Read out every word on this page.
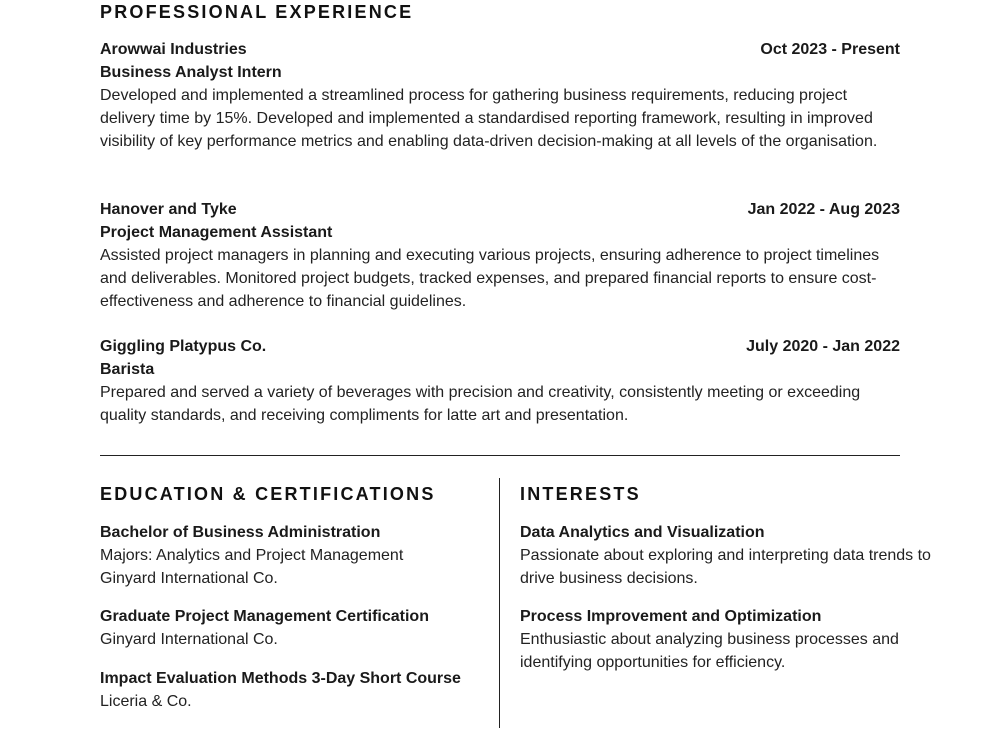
PROFESSIONAL EXPERIENCE
Arowwai Industries	Oct 2023 - Present
Business Analyst Intern

Developed and implemented a streamlined process for gathering business requirements, reducing project delivery time by 15%. Developed and implemented a standardised reporting framework, resulting in improved visibility of key performance metrics and enabling data-driven decision-making at all levels of the organisation.

Hanover and Tyke	Jan 2022 - Aug 2023
Project Management Assistant

Assisted project managers in planning and executing various projects, ensuring adherence to project timelines and deliverables. Monitored project budgets, tracked expenses, and prepared financial reports to ensure cost-effectiveness and adherence to financial guidelines.

Giggling Platypus Co.	July 2020 - Jan 2022
Barista

Prepared and served a variety of beverages with precision and creativity, consistently meeting or exceeding quality standards, and receiving compliments for latte art and presentation.

EDUCATION & CERTIFICATIONS
Bachelor of Business Administration
Majors: Analytics and Project Management
Ginyard International Co.
Graduate Project Management Certification
Ginyard International Co.
Impact Evaluation Methods 3-Day Short Course
Liceria & Co.
INTERESTS
Data Analytics and Visualization
Passionate about exploring and interpreting data trends to drive business decisions.
Process Improvement and Optimization
Enthusiastic about analyzing business processes and identifying opportunities for efficiency.
